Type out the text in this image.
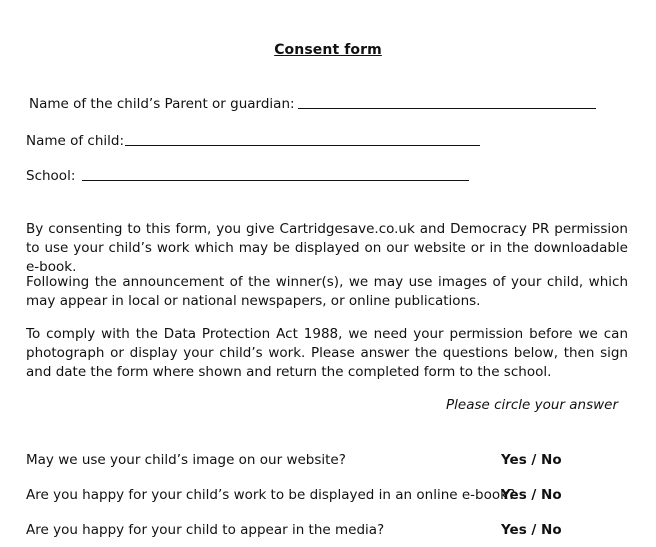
Consent form
Name of the child’s Parent or guardian:
Name of child:
School:
By consenting to this form, you give Cartridgesave.co.uk and Democracy PR permission to use your child’s work which may be displayed on our website or in the downloadable e-book.
Following the announcement of the winner(s), we may use images of your child, which may appear in local or national newspapers, or online publications.
To comply with the Data Protection Act 1988, we need your permission before we can photograph or display your child’s work. Please answer the questions below, then sign and date the form where shown and return the completed form to the school.
Please circle your answer
May we use your child’s image on our website?	Yes / No
Are you happy for your child’s work to be displayed in an online e-book?
Yes / No
Are you happy for your child to appear in the media?	Yes / No
